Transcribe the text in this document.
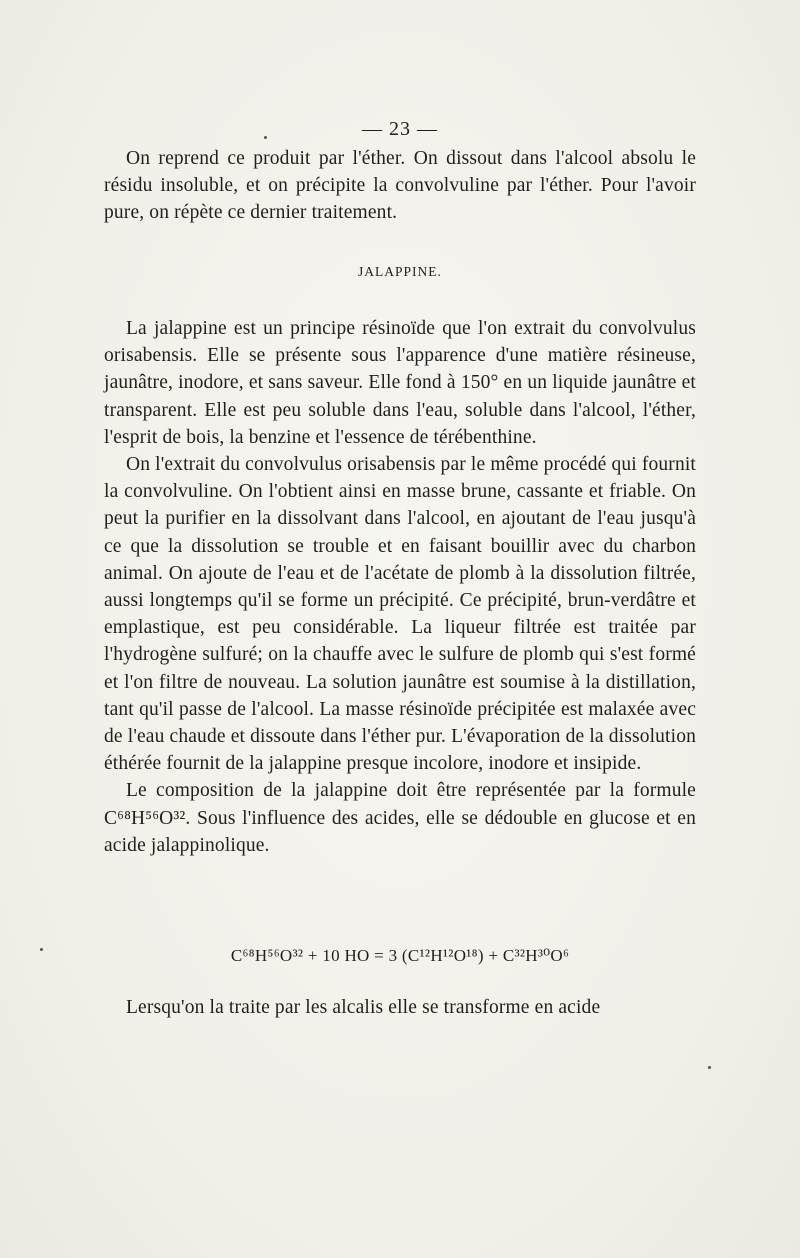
— 23 —

On reprend ce produit par l'éther. On dissout dans l'alcool absolu le résidu insoluble, et on précipite la convolvuline par l'éther. Pour l'avoir pure, on répète ce dernier traitement.

JALAPPINE.

La jalappine est un principe résinoïde que l'on extrait du convolvulus orisabensis. Elle se présente sous l'apparence d'une matière résineuse, jaunâtre, inodore, et sans saveur. Elle fond à 150° en un liquide jaunâtre et transparent. Elle est peu soluble dans l'eau, soluble dans l'alcool, l'éther, l'esprit de bois, la benzine et l'essence de térébenthine.

On l'extrait du convolvulus orisabensis par le même procédé qui fournit la convolvuline. On l'obtient ainsi en masse brune, cassante et friable. On peut la purifier en la dissolvant dans l'alcool, en ajoutant de l'eau jusqu'à ce que la dissolution se trouble et en faisant bouillir avec du charbon animal. On ajoute de l'eau et de l'acétate de plomb à la dissolution filtrée, aussi longtemps qu'il se forme un précipité. Ce précipité, brun-verdâtre et emplastique, est peu considérable. La liqueur filtrée est traitée par l'hydrogène sulfuré; on la chauffe avec le sulfure de plomb qui s'est formé et l'on filtre de nouveau. La solution jaunâtre est soumise à la distillation, tant qu'il passe de l'alcool. La masse résinoïde précipitée est malaxée avec de l'eau chaude et dissoute dans l'éther pur. L'évaporation de la dissolution éthérée fournit de la jalappine presque incolore, inodore et insipide.

Le composition de la jalappine doit être représentée par la formule C⁶⁸H⁵⁶O³². Sous l'influence des acides, elle se dédouble en glucose et en acide jalappinolique.

C⁶⁸H⁵⁶O³² + 10 HO = 3 (C¹²H¹²O¹⁸) + C³²H³⁰O⁶

Lersqu'on la traite par les alcalis elle se transforme en acide
